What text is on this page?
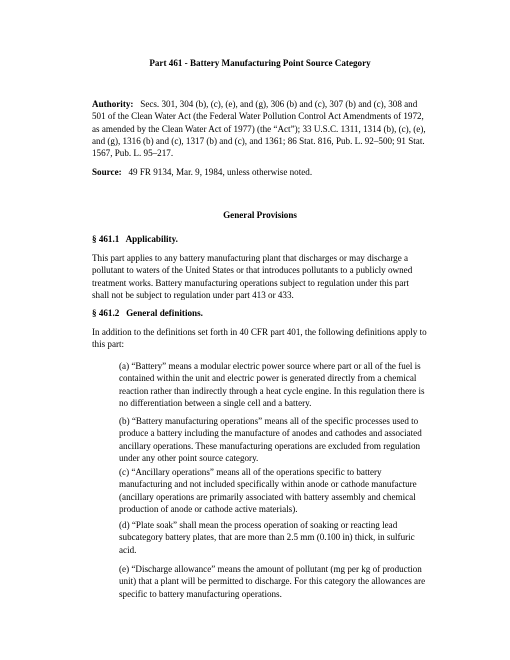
Part 461 - Battery Manufacturing Point Source Category

Authority: Secs. 301, 304 (b), (c), (e), and (g), 306 (b) and (c), 307 (b) and (c), 308 and 501 of the Clean Water Act (the Federal Water Pollution Control Act Amendments of 1972, as amended by the Clean Water Act of 1977) (the “Act”); 33 U.S.C. 1311, 1314 (b), (c), (e), and (g), 1316 (b) and (c), 1317 (b) and (c), and 1361; 86 Stat. 816, Pub. L. 92–500; 91 Stat. 1567, Pub. L. 95–217.

Source: 49 FR 9134, Mar. 9, 1984, unless otherwise noted.

General Provisions

§ 461.1   Applicability.

This part applies to any battery manufacturing plant that discharges or may discharge a pollutant to waters of the United States or that introduces pollutants to a publicly owned treatment works. Battery manufacturing operations subject to regulation under this part shall not be subject to regulation under part 413 or 433.

§ 461.2   General definitions.

In addition to the definitions set forth in 40 CFR part 401, the following definitions apply to this part:

(a) “Battery” means a modular electric power source where part or all of the fuel is contained within the unit and electric power is generated directly from a chemical reaction rather than indirectly through a heat cycle engine. In this regulation there is no differentiation between a single cell and a battery.

(b) “Battery manufacturing operations” means all of the specific processes used to produce a battery including the manufacture of anodes and cathodes and associated ancillary operations. These manufacturing operations are excluded from regulation under any other point source category.

(c) “Ancillary operations” means all of the operations specific to battery manufacturing and not included specifically within anode or cathode manufacture (ancillary operations are primarily associated with battery assembly and chemical production of anode or cathode active materials).

(d) “Plate soak” shall mean the process operation of soaking or reacting lead subcategory battery plates, that are more than 2.5 mm (0.100 in) thick, in sulfuric acid.

(e) “Discharge allowance” means the amount of pollutant (mg per kg of production unit) that a plant will be permitted to discharge. For this category the allowances are specific to battery manufacturing operations.
